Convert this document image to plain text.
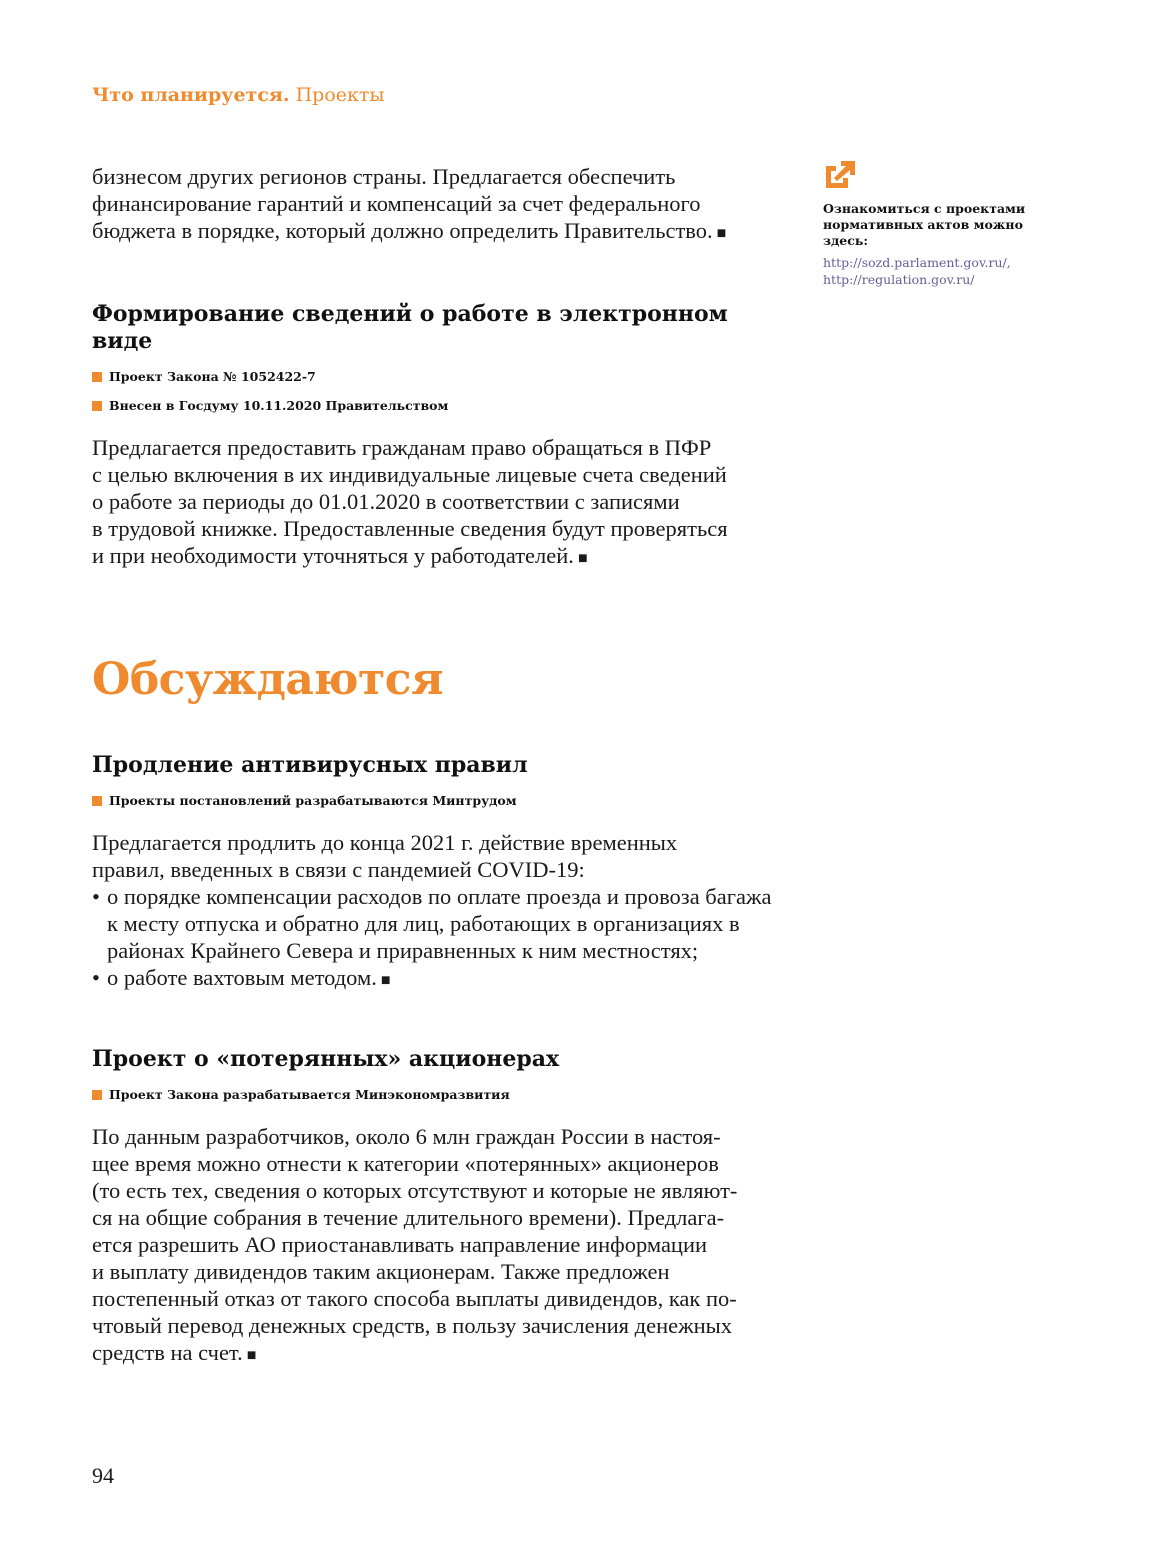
Что планируется. Проекты

бизнесом других регионов страны. Предлагается обеспечить

финансирование гарантий и компенсаций за счет федерального

бюджета в порядке, который должно определить Правительство. ■

Формирование сведений о работе в электронном виде

Проект Закона № 1052422-7

Внесен в Госдуму 10.11.2020 Правительством

Предлагается предоставить гражданам право обращаться в ПФР

с целью включения в их индивидуальные лицевые счета сведений

о работе за периоды до 01.01.2020 в соответствии с записями

в трудовой книжке. Предоставленные сведения будут проверяться

и при необходимости уточняться у работодателей. ■

Обсуждаются
Продление антивирусных правил

Проекты постановлений разрабатываются Минтрудом

Предлагается продлить до конца 2021 г. действие временных

правил, введенных в связи с пандемией COVID-19:

• о порядке компенсации расходов по оплате проезда и провоза багажа к месту отпуска и обратно для лиц, работающих в организациях в районах Крайнего Севера и приравненных к ним местностях;
• о работе вахтовым методом. ■
Проект о «потерянных» акционерах

Проект Закона разрабатывается Минэкономразвития

По данным разработчиков, около 6 млн граждан России в настоя-

щее время можно отнести к категории «потерянных» акционеров

(то есть тех, сведения о которых отсутствуют и которые не являют-

ся на общие собрания в течение длительного времени). Предлага-

ется разрешить АО приостанавливать направление информации

и выплату дивидендов таким акционерам. Также предложен

постепенный отказ от такого способа выплаты дивидендов, как по-

чтовый перевод денежных средств, в пользу зачисления денежных

средств на счет. ■

Ознакомиться с проектами нормативных актов можно здесь:

http://sozd.parlament.gov.ru/,
http://regulation.gov.ru/
94
